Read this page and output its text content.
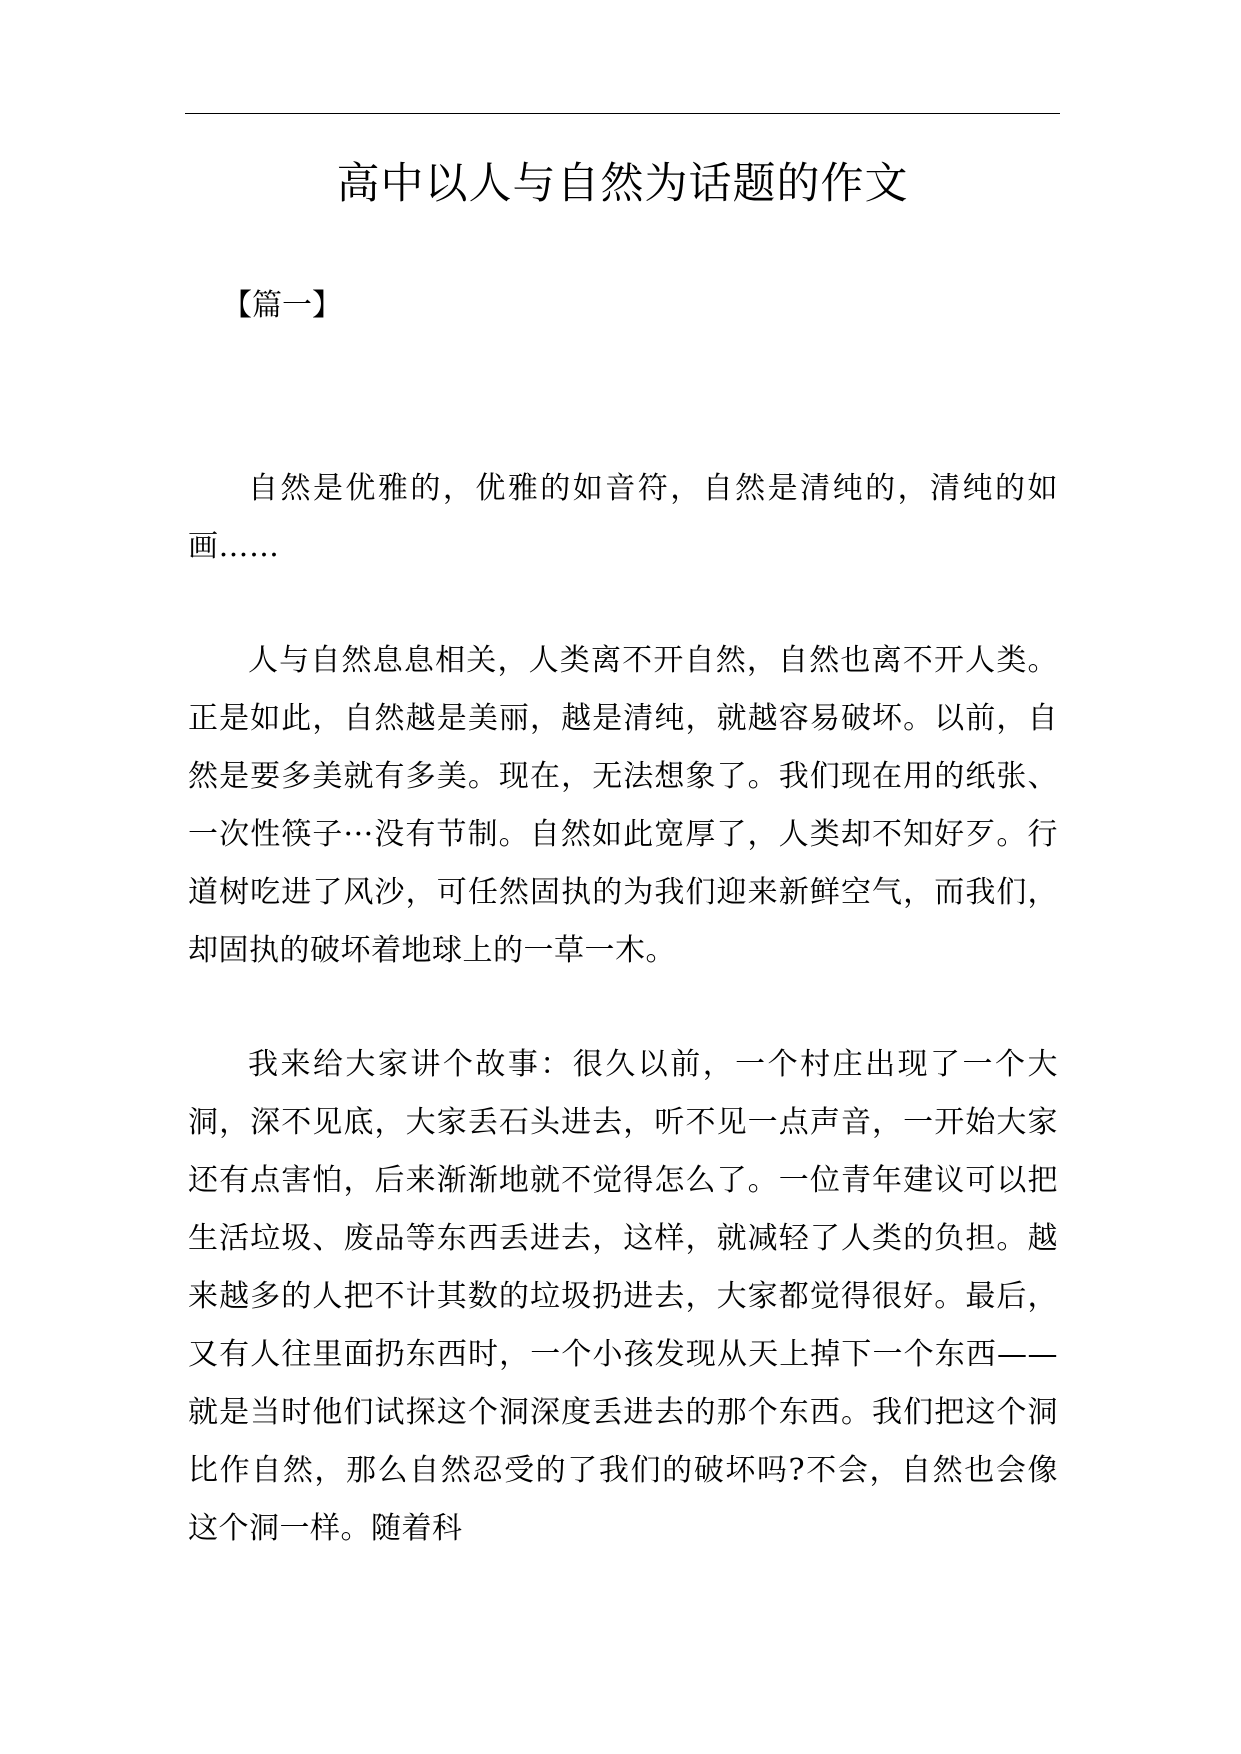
高中以人与自然为话题的作文

【篇一】

自然是优雅的，优雅的如音符，自然是清纯的，清纯的如画……

人与自然息息相关，人类离不开自然，自然也离不开人类。正是如此，自然越是美丽，越是清纯，就越容易破坏。以前，自然是要多美就有多美。现在，无法想象了。我们现在用的纸张、一次性筷子···没有节制。自然如此宽厚了，人类却不知好歹。行道树吃进了风沙，可任然固执的为我们迎来新鲜空气，而我们，却固执的破坏着地球上的一草一木。

我来给大家讲个故事：很久以前，一个村庄出现了一个大洞，深不见底，大家丢石头进去，听不见一点声音，一开始大家还有点害怕，后来渐渐地就不觉得怎么了。一位青年建议可以把生活垃圾、废品等东西丢进去，这样，就减轻了人类的负担。越来越多的人把不计其数的垃圾扔进去，大家都觉得很好。最后，又有人往里面扔东西时，一个小孩发现从天上掉下一个东西——就是当时他们试探这个洞深度丢进去的那个东西。我们把这个洞比作自然，那么自然忍受的了我们的破坏吗?不会，自然也会像这个洞一样。随着科
